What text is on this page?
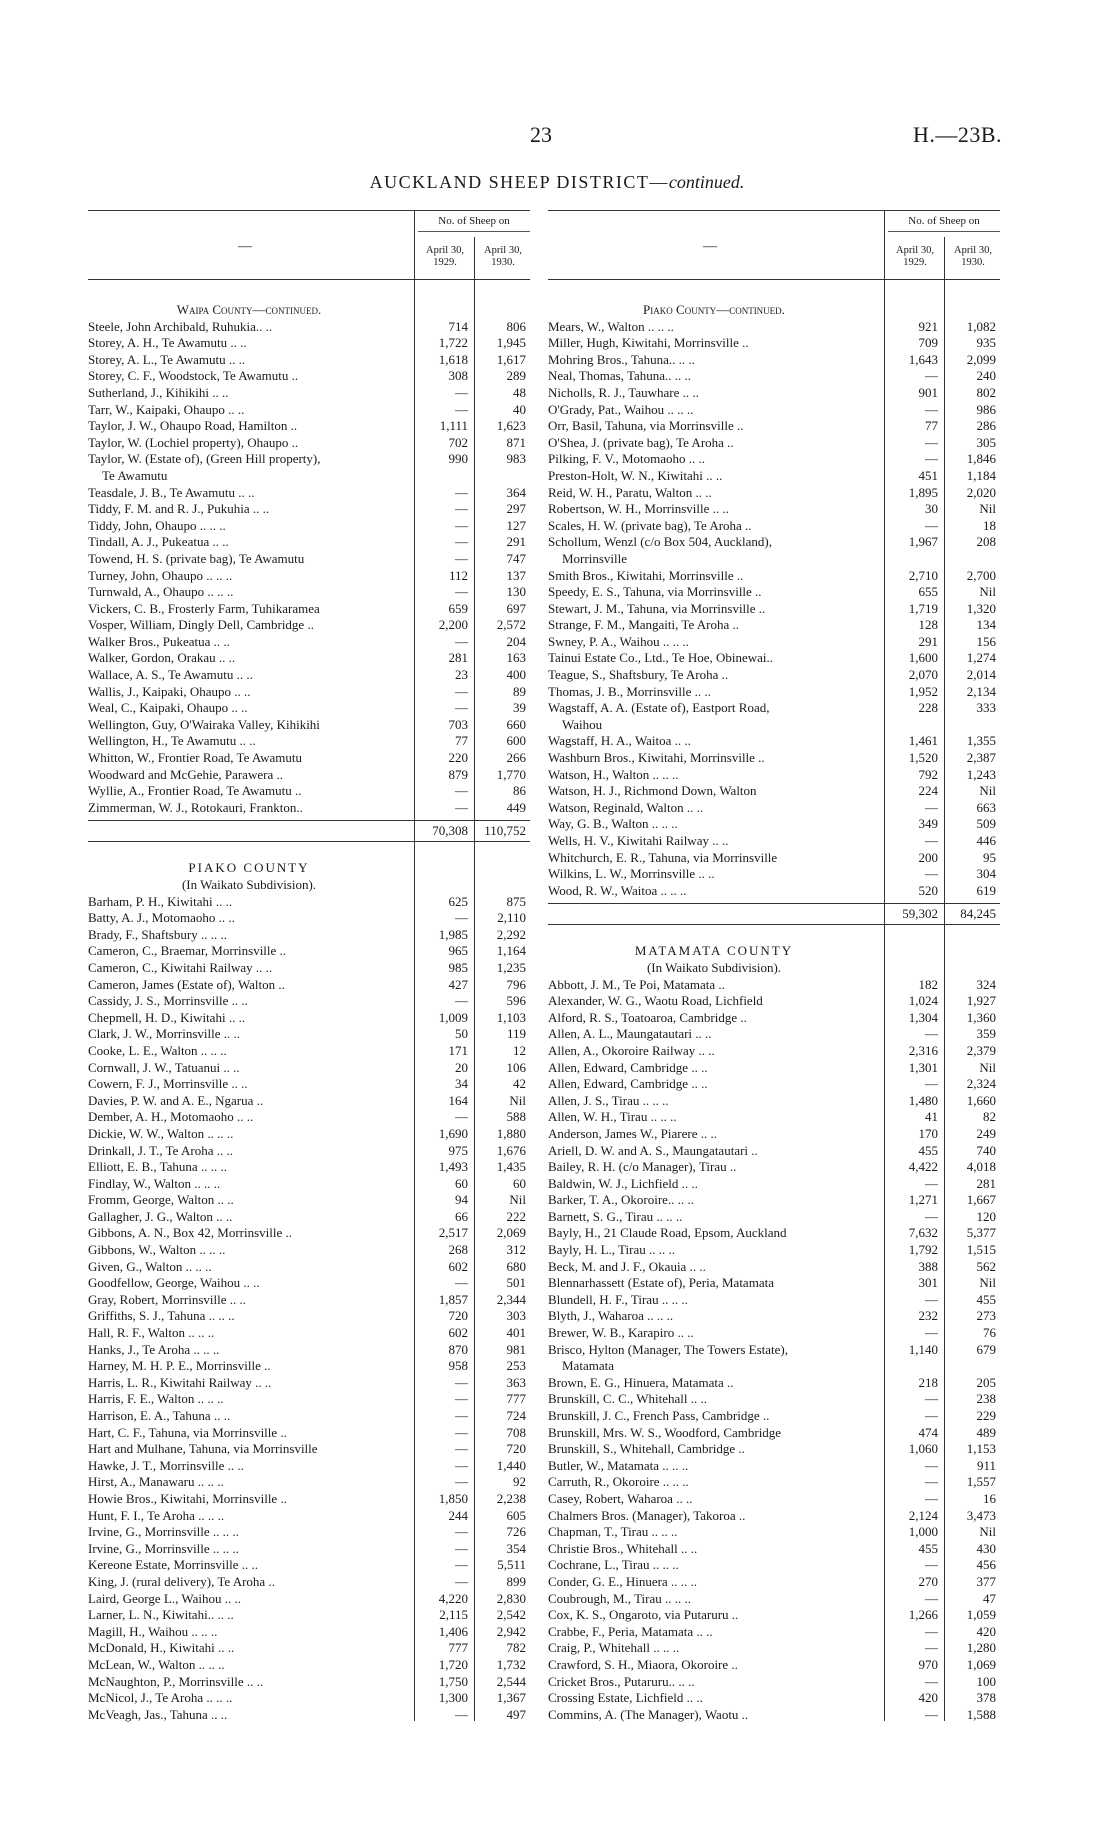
23	H.—23B.
AUCKLAND SHEEP DISTRICT—continued.
—
No. of Sheep on
April 30,
1929.
April 30,
1930.
Waipa County—continued.
Steele, John Archibald, Ruhukia.. ..	714	806
Storey, A. H., Te Awamutu .. ..	1,722	1,945
Storey, A. L., Te Awamutu .. ..	1,618	1,617
Storey, C. F., Woodstock, Te Awamutu ..	308	289
Sutherland, J., Kihikihi .. ..	—	48
Tarr, W., Kaipaki, Ohaupo .. ..	—	40
Taylor, J. W., Ohaupo Road, Hamilton ..	1,111	1,623
Taylor, W. (Lochiel property), Ohaupo ..	702	871
Taylor, W. (Estate of), (Green Hill property),	990	983
Te Awamutu
Teasdale, J. B., Te Awamutu .. ..	—	364
Tiddy, F. M. and R. J., Pukuhia .. ..	—	297
Tiddy, John, Ohaupo .. .. ..	—	127
Tindall, A. J., Pukeatua .. ..	—	291
Towend, H. S. (private bag), Te Awamutu	—	747
Turney, John, Ohaupo .. .. ..	112	137
Turnwald, A., Ohaupo .. .. ..	—	130
Vickers, C. B., Frosterly Farm, Tuhikaramea	659	697
Vosper, William, Dingly Dell, Cambridge ..	2,200	2,572
Walker Bros., Pukeatua .. ..	—	204
Walker, Gordon, Orakau .. ..	281	163
Wallace, A. S., Te Awamutu .. ..	23	400
Wallis, J., Kaipaki, Ohaupo .. ..	—	89
Weal, C., Kaipaki, Ohaupo .. ..	—	39
Wellington, Guy, O'Wairaka Valley, Kihikihi	703	660
Wellington, H., Te Awamutu .. ..	77	600
Whitton, W., Frontier Road, Te Awamutu	220	266
Woodward and McGehie, Parawera ..	879	1,770
Wyllie, A., Frontier Road, Te Awamutu ..	—	86
Zimmerman, W. J., Rotokauri, Frankton..	—	449
70,308	110,752
PIAKO COUNTY
(In Waikato Subdivision).
Barham, P. H., Kiwitahi .. ..	625	875
Batty, A. J., Motomaoho .. ..	—	2,110
Brady, F., Shaftsbury .. .. ..	1,985	2,292
Cameron, C., Braemar, Morrinsville ..	965	1,164
Cameron, C., Kiwitahi Railway .. ..	985	1,235
Cameron, James (Estate of), Walton ..	427	796
Cassidy, J. S., Morrinsville .. ..	—	596
Chepmell, H. D., Kiwitahi .. ..	1,009	1,103
Clark, J. W., Morrinsville .. ..	50	119
Cooke, L. E., Walton .. .. ..	171	12
Cornwall, J. W., Tatuanui .. ..	20	106
Cowern, F. J., Morrinsville .. ..	34	42
Davies, P. W. and A. E., Ngarua ..	164	Nil
Dember, A. H., Motomaoho .. ..	—	588
Dickie, W. W., Walton .. .. ..	1,690	1,880
Drinkall, J. T., Te Aroha .. ..	975	1,676
Elliott, E. B., Tahuna .. .. ..	1,493	1,435
Findlay, W., Walton .. .. ..	60	60
Fromm, George, Walton .. ..	94	Nil
Gallagher, J. G., Walton .. ..	66	222
Gibbons, A. N., Box 42, Morrinsville ..	2,517	2,069
Gibbons, W., Walton .. .. ..	268	312
Given, G., Walton .. .. ..	602	680
Goodfellow, George, Waihou .. ..	—	501
Gray, Robert, Morrinsville .. ..	1,857	2,344
Griffiths, S. J., Tahuna .. .. ..	720	303
Hall, R. F., Walton .. .. ..	602	401
Hanks, J., Te Aroha .. .. ..	870	981
Harney, M. H. P. E., Morrinsville ..	958	253
Harris, L. R., Kiwitahi Railway .. ..	—	363
Harris, F. E., Walton .. .. ..	—	777
Harrison, E. A., Tahuna .. ..	—	724
Hart, C. F., Tahuna, via Morrinsville ..	—	708
Hart and Mulhane, Tahuna, via Morrinsville	—	720
Hawke, J. T., Morrinsville .. ..	—	1,440
Hirst, A., Manawaru .. .. ..	—	92
Howie Bros., Kiwitahi, Morrinsville ..	1,850	2,238
Hunt, F. I., Te Aroha .. .. ..	244	605
Irvine, G., Morrinsville .. .. ..	—	726
Irvine, G., Morrinsville .. .. ..	—	354
Kereone Estate, Morrinsville .. ..	—	5,511
King, J. (rural delivery), Te Aroha ..	—	899
Laird, George L., Waihou .. ..	4,220	2,830
Larner, L. N., Kiwitahi.. .. ..	2,115	2,542
Magill, H., Waihou .. .. ..	1,406	2,942
McDonald, H., Kiwitahi .. ..	777	782
McLean, W., Walton .. .. ..	1,720	1,732
McNaughton, P., Morrinsville .. ..	1,750	2,544
McNicol, J., Te Aroha .. .. ..	1,300	1,367
McVeagh, Jas., Tahuna .. ..	—	497
—
No. of Sheep on
April 30,
1929.
April 30,
1930.
Piako County—continued.
Mears, W., Walton .. .. ..	921	1,082
Miller, Hugh, Kiwitahi, Morrinsville ..	709	935
Mohring Bros., Tahuna.. .. ..	1,643	2,099
Neal, Thomas, Tahuna.. .. ..	—	240
Nicholls, R. J., Tauwhare .. ..	901	802
O'Grady, Pat., Waihou .. .. ..	—	986
Orr, Basil, Tahuna, via Morrinsville ..	77	286
O'Shea, J. (private bag), Te Aroha ..	—	305
Pilking, F. V., Motomaoho .. ..	—	1,846
Preston-Holt, W. N., Kiwitahi .. ..	451	1,184
Reid, W. H., Paratu, Walton .. ..	1,895	2,020
Robertson, W. H., Morrinsville .. ..	30	Nil
Scales, H. W. (private bag), Te Aroha ..	—	18
Schollum, Wenzl (c/o Box 504, Auckland),	1,967	208
Morrinsville
Smith Bros., Kiwitahi, Morrinsville ..	2,710	2,700
Speedy, E. S., Tahuna, via Morrinsville ..	655	Nil
Stewart, J. M., Tahuna, via Morrinsville ..	1,719	1,320
Strange, F. M., Mangaiti, Te Aroha ..	128	134
Swney, P. A., Waihou .. .. ..	291	156
Tainui Estate Co., Ltd., Te Hoe, Obinewai..	1,600	1,274
Teague, S., Shaftsbury, Te Aroha ..	2,070	2,014
Thomas, J. B., Morrinsville .. ..	1,952	2,134
Wagstaff, A. A. (Estate of), Eastport Road,	228	333
Waihou
Wagstaff, H. A., Waitoa .. ..	1,461	1,355
Washburn Bros., Kiwitahi, Morrinsville ..	1,520	2,387
Watson, H., Walton .. .. ..	792	1,243
Watson, H. J., Richmond Down, Walton	224	Nil
Watson, Reginald, Walton .. ..	—	663
Way, G. B., Walton .. .. ..	349	509
Wells, H. V., Kiwitahi Railway .. ..	—	446
Whitchurch, E. R., Tahuna, via Morrinsville	200	95
Wilkins, L. W., Morrinsville .. ..	—	304
Wood, R. W., Waitoa .. .. ..	520	619
59,302	84,245
MATAMATA COUNTY
(In Waikato Subdivision).
Abbott, J. M., Te Poi, Matamata ..	182	324
Alexander, W. G., Waotu Road, Lichfield	1,024	1,927
Alford, R. S., Toatoaroa, Cambridge ..	1,304	1,360
Allen, A. L., Maungatautari .. ..	—	359
Allen, A., Okoroire Railway .. ..	2,316	2,379
Allen, Edward, Cambridge .. ..	1,301	Nil
Allen, Edward, Cambridge .. ..	—	2,324
Allen, J. S., Tirau .. .. ..	1,480	1,660
Allen, W. H., Tirau .. .. ..	41	82
Anderson, James W., Piarere .. ..	170	249
Ariell, D. W. and A. S., Maungatautari ..	455	740
Bailey, R. H. (c/o Manager), Tirau ..	4,422	4,018
Baldwin, W. J., Lichfield .. ..	—	281
Barker, T. A., Okoroire.. .. ..	1,271	1,667
Barnett, S. G., Tirau .. .. ..	—	120
Bayly, H., 21 Claude Road, Epsom, Auckland	7,632	5,377
Bayly, H. L., Tirau .. .. ..	1,792	1,515
Beck, M. and J. F., Okauia .. ..	388	562
Blennarhassett (Estate of), Peria, Matamata	301	Nil
Blundell, H. F., Tirau .. .. ..	—	455
Blyth, J., Waharoa .. .. ..	232	273
Brewer, W. B., Karapiro .. ..	—	76
Brisco, Hylton (Manager, The Towers Estate),	1,140	679
Matamata
Brown, E. G., Hinuera, Matamata ..	218	205
Brunskill, C. C., Whitehall .. ..	—	238
Brunskill, J. C., French Pass, Cambridge ..	—	229
Brunskill, Mrs. W. S., Woodford, Cambridge	474	489
Brunskill, S., Whitehall, Cambridge ..	1,060	1,153
Butler, W., Matamata .. .. ..	—	911
Carruth, R., Okoroire .. .. ..	—	1,557
Casey, Robert, Waharoa .. ..	—	16
Chalmers Bros. (Manager), Takoroa ..	2,124	3,473
Chapman, T., Tirau .. .. ..	1,000	Nil
Christie Bros., Whitehall .. ..	455	430
Cochrane, L., Tirau .. .. ..	—	456
Conder, G. E., Hinuera .. .. ..	270	377
Coubrough, M., Tirau .. .. ..	—	47
Cox, K. S., Ongaroto, via Putaruru ..	1,266	1,059
Crabbe, F., Peria, Matamata .. ..	—	420
Craig, P., Whitehall .. .. ..	—	1,280
Crawford, S. H., Miaora, Okoroire ..	970	1,069
Cricket Bros., Putaruru.. .. ..	—	100
Crossing Estate, Lichfield .. ..	420	378
Commins, A. (The Manager), Waotu ..	—	1,588
